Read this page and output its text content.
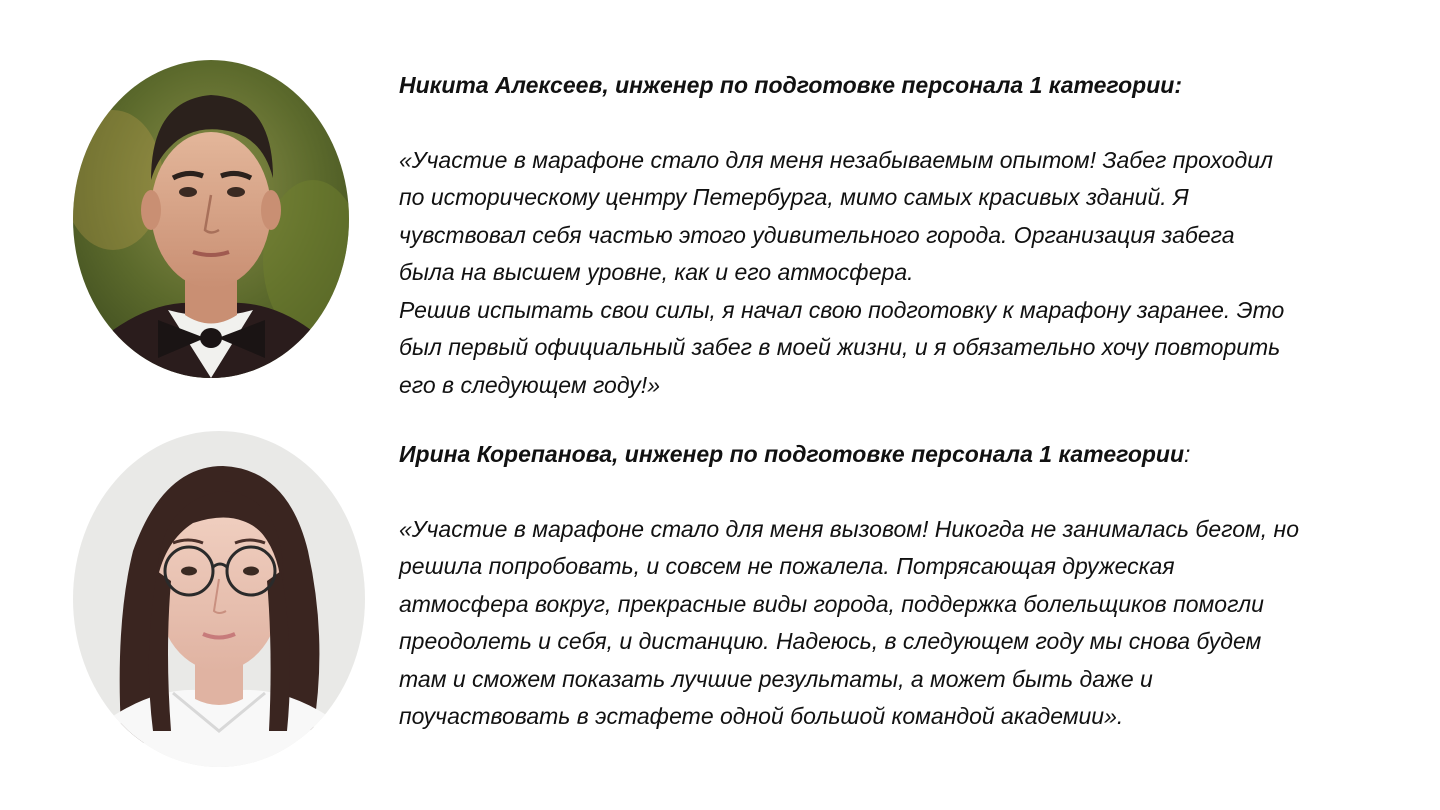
Никита Алексеев, инженер по подготовке персонала 1 категории:

«Участие в марафоне стало для меня незабываемым опытом! Забег проходил

по историческому центру Петербурга, мимо самых красивых зданий. Я

чувствовал себя частью этого удивительного города. Организация забега

была на высшем уровне, как и его атмосфера.

Решив испытать свои силы, я начал свою подготовку к марафону заранее. Это

был первый официальный забег в моей жизни, и я обязательно хочу повторить

его в следующем году!»

Ирина Корепанова, инженер по подготовке персонала 1 категории:

«Участие в марафоне стало для меня вызовом! Никогда не занималась бегом, но

решила попробовать, и совсем не пожалела. Потрясающая дружеская

атмосфера вокруг, прекрасные виды города, поддержка болельщиков помогли

преодолеть и себя, и дистанцию. Надеюсь, в следующем году мы снова будем

там и сможем показать лучшие результаты, а может быть даже и

поучаствовать в эстафете одной большой командой академии».
